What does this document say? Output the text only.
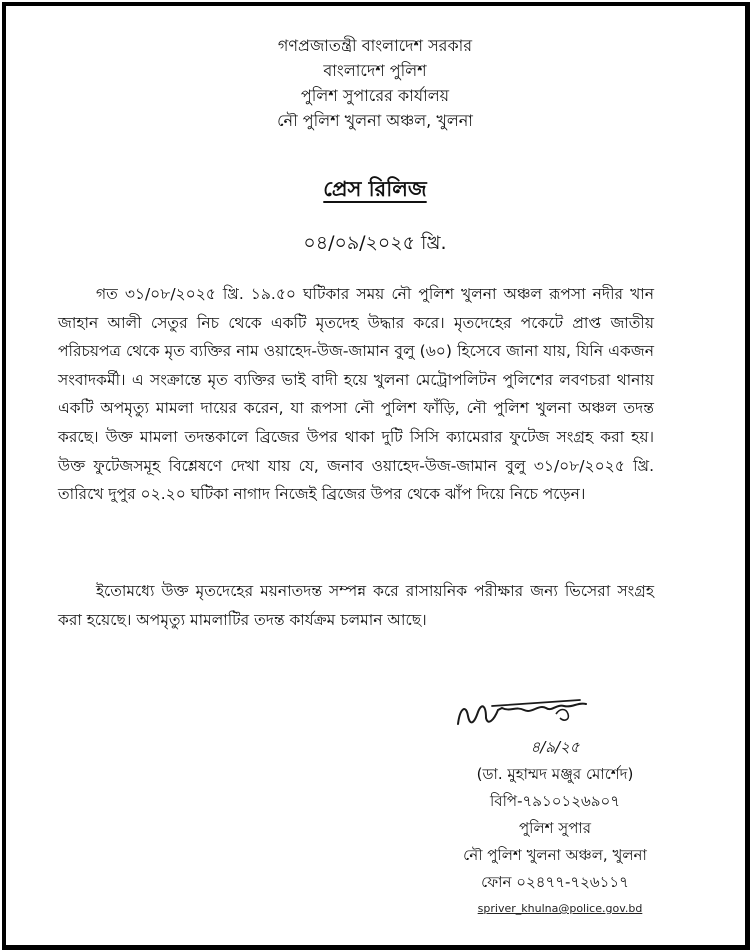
গণপ্রজাতন্ত্রী বাংলাদেশ সরকার
বাংলাদেশ পুলিশ
পুলিশ সুপারের কার্যালয়
নৌ পুলিশ খুলনা অঞ্চল, খুলনা
প্রেস রিলিজ
০৪/০৯/২০২৫ খ্রি.
গত ৩১/০৮/২০২৫ খ্রি. ১৯.৫০ ঘটিকার সময় নৌ পুলিশ খুলনা অঞ্চল রূপসা নদীর খান জাহান আলী সেতুর নিচ থেকে একটি মৃতদেহ উদ্ধার করে। মৃতদেহের পকেটে প্রাপ্ত জাতীয় পরিচয়পত্র থেকে মৃত ব্যক্তির নাম ওয়াহেদ-উজ-জামান বুলু (৬০) হিসেবে জানা যায়, যিনি একজন সংবাদকর্মী। এ সংক্রান্তে মৃত ব্যক্তির ভাই বাদী হয়ে খুলনা মেট্রোপলিটন পুলিশের লবণচরা থানায় একটি অপমৃত্যু মামলা দায়ের করেন, যা রূপসা নৌ পুলিশ ফাঁড়ি, নৌ পুলিশ খুলনা অঞ্চল তদন্ত করছে। উক্ত মামলা তদন্তকালে ব্রিজের উপর থাকা দুটি সিসি ক্যামেরার ফুটেজ সংগ্রহ করা হয়। উক্ত ফুটেজসমূহ বিশ্লেষণে দেখা যায় যে, জনাব ওয়াহেদ-উজ-জামান বুলু ৩১/০৮/২০২৫ খ্রি. তারিখে দুপুর ০২.২০ ঘটিকা নাগাদ নিজেই ব্রিজের উপর থেকে ঝাঁপ দিয়ে নিচে পড়েন।
ইতোমধ্যে উক্ত মৃতদেহের ময়নাতদন্ত সম্পন্ন করে রাসায়নিক পরীক্ষার জন্য ভিসেরা সংগ্রহ করা হয়েছে। অপমৃত্যু মামলাটির তদন্ত কার্যক্রম চলমান আছে।
৪/৯/২৫
(ডা. মুহাম্মদ মঞ্জুর মোর্শেদ)
বিপি-৭৯১০১২৬৯০৭
পুলিশ সুপার
নৌ পুলিশ খুলনা অঞ্চল, খুলনা
ফোন ০২৪৭৭-৭২৬১১৭
spriver_khulna@police.gov.bd
